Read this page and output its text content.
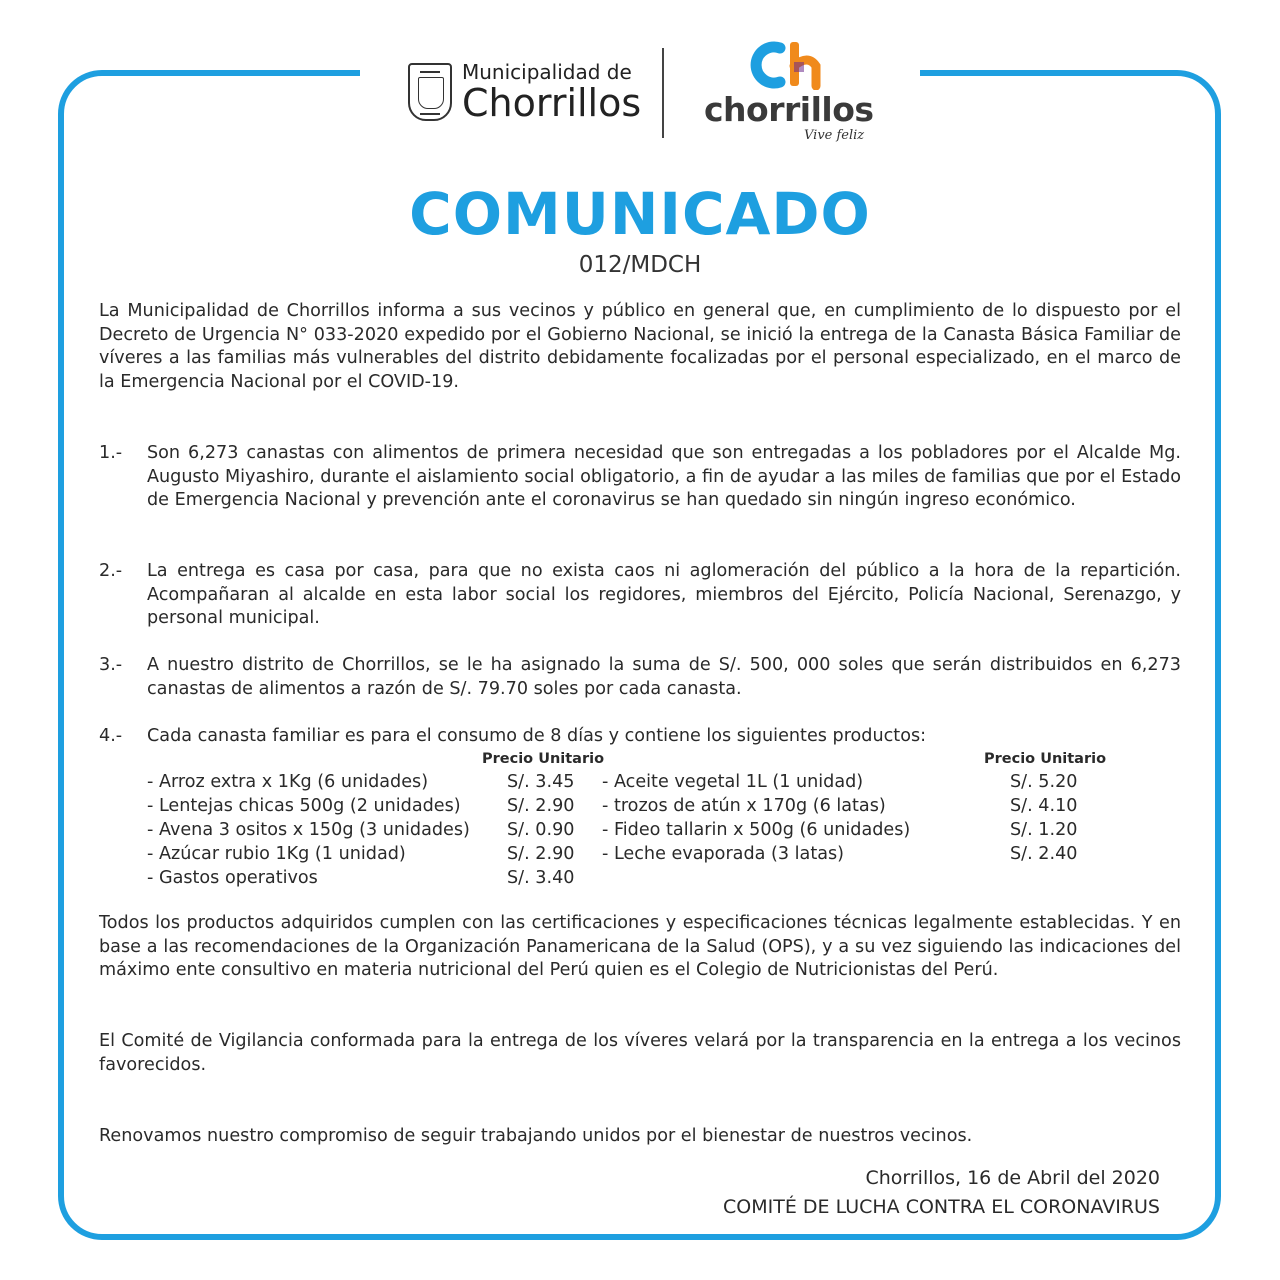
Municipalidad de
Chorrillos chorrillos
Vive feliz
COMUNICADO
012/MDCH
La Municipalidad de Chorrillos informa a sus vecinos y público en general que, en cumplimiento de lo dispuesto por el Decreto de Urgencia N° 033-2020 expedido por el Gobierno Nacional, se inició la entrega de la Canasta Básica Familiar de víveres a las familias más vulnerables del distrito debidamente focalizadas por el personal especializado, en el marco de la Emergencia Nacional por el COVID-19.
1.- Son 6,273 canastas con alimentos de primera necesidad que son entregadas a los pobladores por el Alcalde Mg. Augusto Miyashiro, durante el aislamiento social obligatorio, a fin de ayudar a las miles de familias que por el Estado de Emergencia Nacional y prevención ante el coronavirus se han quedado sin ningún ingreso económico.
2.- La entrega es casa por casa, para que no exista caos ni aglomeración del público a la hora de la repartición. Acompañaran al alcalde en esta labor social los regidores, miembros del Ejército, Policía Nacional, Serenazgo, y personal municipal.
3.- A nuestro distrito de Chorrillos, se le ha asignado la suma de S/. 500, 000 soles que serán distribuidos en 6,273 canastas de alimentos a razón de S/. 79.70 soles por cada canasta.
4.- Cada canasta familiar es para el consumo de 8 días y contiene los siguientes productos:
Precio Unitario	Precio Unitario
- Arroz extra x 1Kg (6 unidades)	S/. 3.45
- Lentejas chicas 500g (2 unidades)	S/. 2.90
- Avena 3 ositos x 150g (3 unidades) S/. 0.90
- Azúcar rubio 1Kg (1 unidad)	S/. 2.90
- Gastos operativos	S/. 3.40
- Aceite vegetal 1L (1 unidad)	S/. 5.20
- trozos de atún x 170g (6 latas)	S/. 4.10
- Fideo tallarin x 500g (6 unidades)	S/. 1.20
- Leche evaporada (3 latas)	S/. 2.40
Todos los productos adquiridos cumplen con las certificaciones y especificaciones técnicas legalmente establecidas. Y en base a las recomendaciones de la Organización Panamericana de la Salud (OPS), y a su vez siguiendo las indicaciones del máximo ente consultivo en materia nutricional del Perú quien es el Colegio de Nutricionistas del Perú.
El Comité de Vigilancia conformada para la entrega de los víveres velará por la transparencia en la entrega a los vecinos favorecidos.
Renovamos nuestro compromiso de seguir trabajando unidos por el bienestar de nuestros vecinos.
Chorrillos, 16 de Abril del 2020
COMITÉ DE LUCHA CONTRA EL CORONAVIRUS
